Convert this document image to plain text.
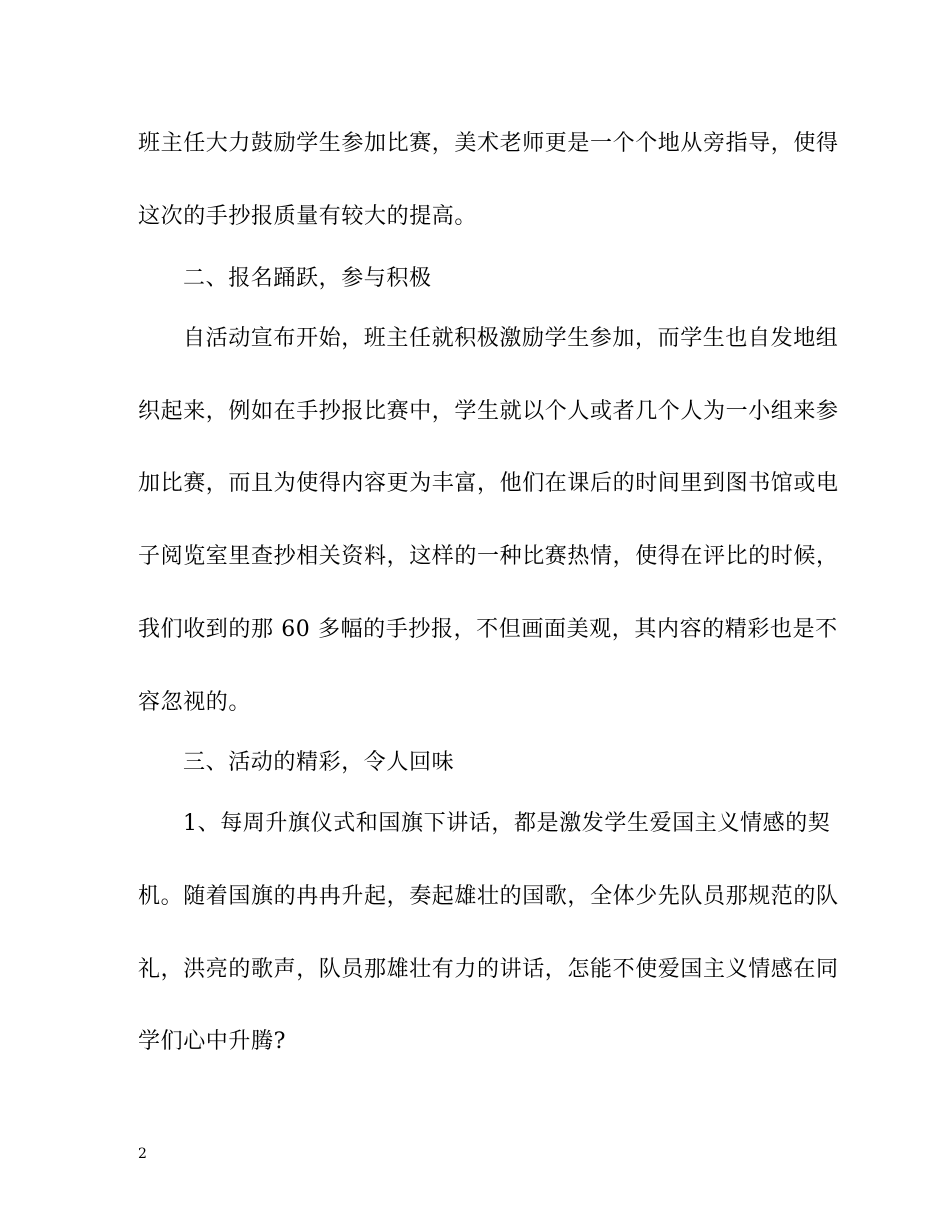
班主任大力鼓励学生参加比赛，美术老师更是一个个地从旁指导，使得
这次的手抄报质量有较大的提高。
二、报名踊跃，参与积极
自活动宣布开始，班主任就积极激励学生参加，而学生也自发地组
织起来，例如在手抄报比赛中，学生就以个人或者几个人为一小组来参
加比赛，而且为使得内容更为丰富，他们在课后的时间里到图书馆或电
子阅览室里查抄相关资料，这样的一种比赛热情，使得在评比的时候，
我们收到的那 60 多幅的手抄报，不但画面美观，其内容的精彩也是不
容忽视的。
三、活动的精彩，令人回味
1、每周升旗仪式和国旗下讲话，都是激发学生爱国主义情感的契
机。随着国旗的冉冉升起，奏起雄壮的国歌，全体少先队员那规范的队
礼，洪亮的歌声，队员那雄壮有力的讲话，怎能不使爱国主义情感在同
学们心中升腾?
2
